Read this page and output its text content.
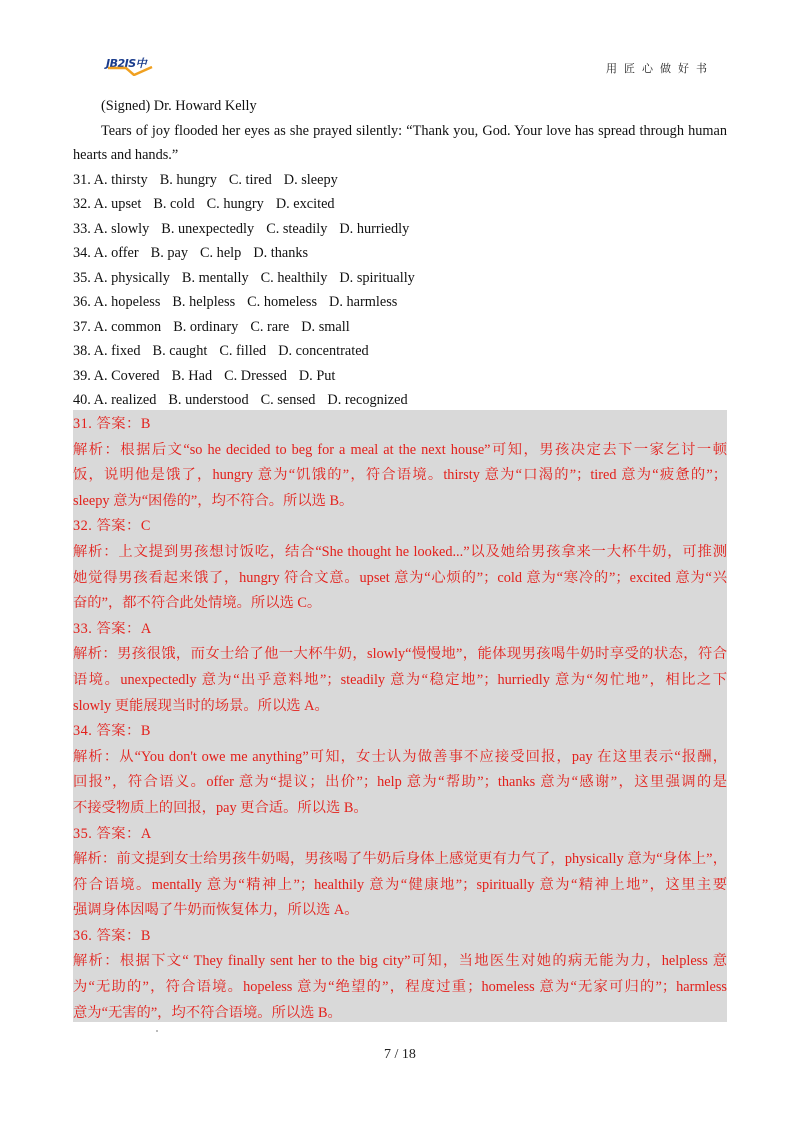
JB2JS中	用匠心做好书

(Signed) Dr. Howard Kelly

Tears of joy flooded her eyes as she prayed silently: “Thank you, God. Your love has spread through human

hearts and hands.”

31. A. thirsty B. hungry C. tired D. sleepy

32. A. upset B. cold C. hungry D. excited

33. A. slowly B. unexpectedly C. steadily D. hurriedly

34. A. offer B. pay C. help D. thanks

35. A. physically B. mentally C. healthily D. spiritually

36. A. hopeless B. helpless C. homeless D. harmless

37. A. common B. ordinary C. rare D. small

38. A. fixed B. caught C. filled D. concentrated

39. A. Covered B. Had C. Dressed D. Put

40. A. realized B. understood C. sensed D. recognized

31. 答案：B

解析：根据后文“so he decided to beg for a meal at the next house”可知，男孩决定去下一家乞讨一顿

饭，说明他是饿了，hungry 意为“饥饿的”，符合语境。thirsty 意为“口渴的”；tired 意为“疲惫的”；

sleepy 意为“困倦的”，均不符合。所以选 B。

32. 答案：C

解析：上文提到男孩想讨饭吃，结合“She thought he looked...”以及她给男孩拿来一大杯牛奶，可推测

她觉得男孩看起来饿了，hungry 符合文意。upset 意为“心烦的”；cold 意为“寒冷的”；excited 意为“兴

奋的”，都不符合此处情境。所以选 C。

33. 答案：A

解析：男孩很饿，而女士给了他一大杯牛奶，slowly“慢慢地”，能体现男孩喝牛奶时享受的状态，符合

语境。unexpectedly 意为“出乎意料地”；steadily 意为“稳定地”；hurriedly 意为“匆忙地”，相比之下

slowly 更能展现当时的场景。所以选 A。

34. 答案：B

解析：从“You don't owe me anything”可知，女士认为做善事不应接受回报，pay 在这里表示“报酬，

回报”，符合语义。offer 意为“提议；出价”；help 意为“帮助”；thanks 意为“感谢”，这里强调的是

不接受物质上的回报，pay 更合适。所以选 B。

35. 答案：A

解析：前文提到女士给男孩牛奶喝，男孩喝了牛奶后身体上感觉更有力气了，physically 意为“身体上”，

符合语境。mentally 意为“精神上”；healthily 意为“健康地”；spiritually 意为“精神上地”，这里主要

强调身体因喝了牛奶而恢复体力，所以选 A。

36. 答案：B

解析：根据下文“ They finally sent her to the big city”可知，当地医生对她的病无能为力，helpless 意

为“无助的”，符合语境。hopeless 意为“绝望的”，程度过重；homeless 意为“无家可归的”；harmless

意为“无害的”，均不符合语境。所以选 B。

7 / 18
